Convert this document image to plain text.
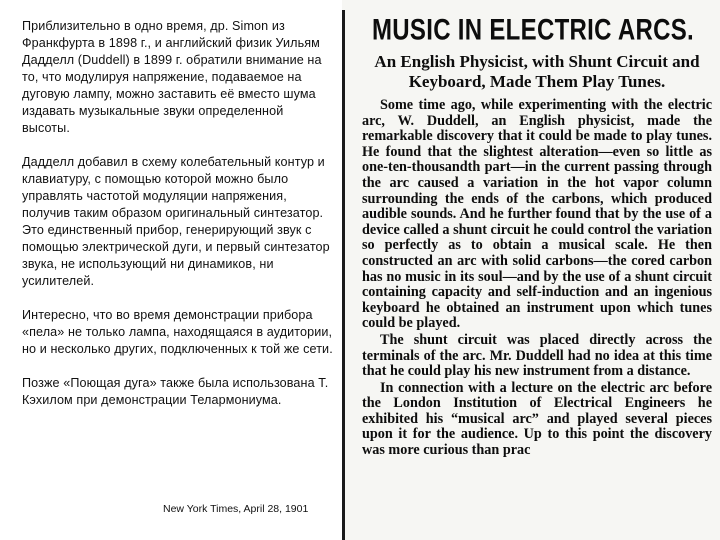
Приблизительно в одно время, др. Simon из Франкфурта в 1898 г., и английский физик Уильям Дадделл (Duddell) в 1899 г. обратили внимание на то, что модулируя напряжение, подаваемое на дуговую лампу, можно заставить её вместо шума издавать музыкальные звуки определенной высоты.

Дадделл добавил в схему колебательный контур и клавиатуру, с помощью которой можно было управлять частотой модуляции напряжения, получив таким образом оригинальный синтезатор. Это единственный прибор, генерирующий звук с помощью электрической дуги, и первый синтезатор звука, не использующий ни динамиков, ни усилителей.

Интересно, что во время демонстрации прибора «пела» не только лампа, находящаяся в аудитории, но и несколько других, подключенных к той же сети.

Позже «Поющая дуга» также была использована Т. Кэхилом при демонстрации Телармониума.

New York Times, April 28, 1901
MUSIC IN ELECTRIC ARCS.
An English Physicist, with Shunt Circuit and Keyboard, Made Them Play Tunes.

Some time ago, while experimenting with the electric arc, W. Duddell, an English physicist, made the remarkable discovery that it could be made to play tunes. He found that the slightest alteration—even so little as one-ten-thousandth part—in the current passing through the arc caused a variation in the hot vapor column surrounding the ends of the carbons, which produced audible sounds. And he further found that by the use of a device called a shunt circuit he could control the variation so perfectly as to obtain a musical scale. He then constructed an arc with solid carbons—the cored carbon has no music in its soul—and by the use of a shunt circuit containing capacity and self-induction and an ingenious keyboard he obtained an instrument upon which tunes could be played.

The shunt circuit was placed directly across the terminals of the arc. Mr. Duddell had no idea at this time that he could play his new instrument from a distance.

In connection with a lecture on the electric arc before the London Institution of Electrical Engineers he exhibited his “musical arc” and played several pieces upon it for the audience. Up to this point the discovery was more curious than prac
